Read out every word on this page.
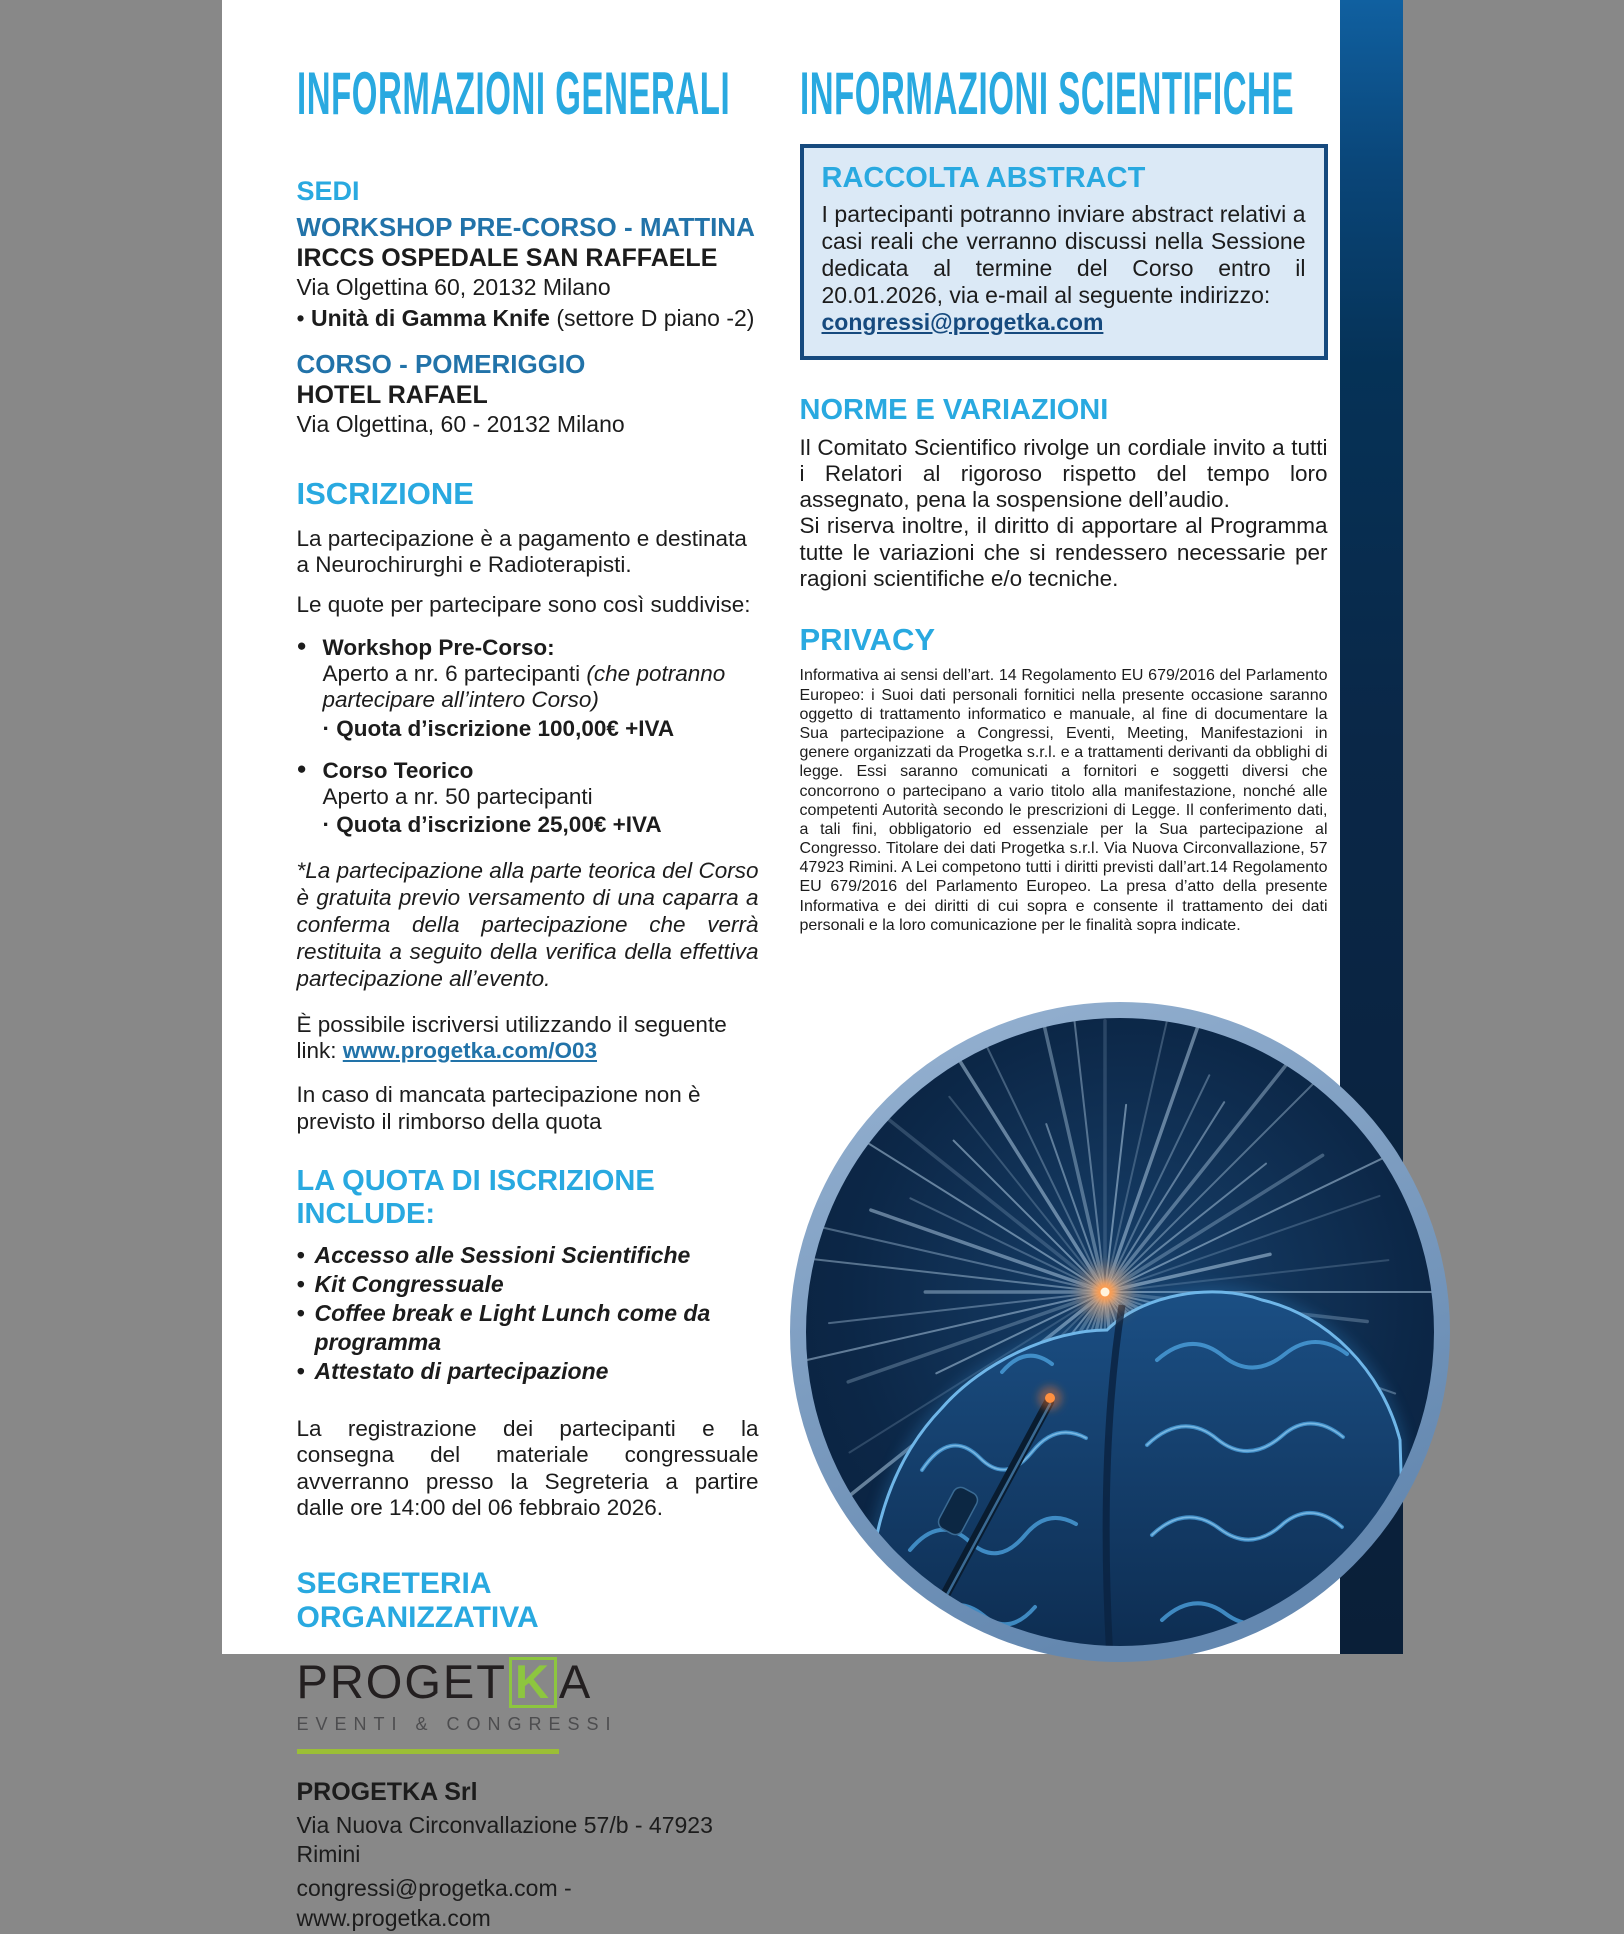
INFORMAZIONI GENERALI
SEDI

WORKSHOP PRE-CORSO - MATTINA

IRCCS OSPEDALE SAN RAFFAELE

Via Olgettina 60, 20132 Milano

• Unità di Gamma Knife (settore D piano -2)

CORSO - POMERIGGIO

HOTEL RAFAEL

Via Olgettina, 60 - 20132 Milano

ISCRIZIONE

La partecipazione è a pagamento e destinata a Neurochirurghi e Radioterapisti.

Le quote per partecipare sono così suddivise:

● Workshop Pre-Corso:
Aperto a nr. 6 partecipanti (che potranno partecipare all’intero Corso)
· Quota d’iscrizione 100,00€ +IVA
● Corso Teorico
Aperto a nr. 50 partecipanti
· Quota d’iscrizione 25,00€ +IVA

*La partecipazione alla parte teorica del Corso è gratuita previo versamento di una caparra a conferma della partecipazione che verrà restituita a seguito della verifica della effettiva partecipazione all’evento.

È possibile iscriversi utilizzando il seguente link: www.progetka.com/O03

In caso di mancata partecipazione non è previsto il rimborso della quota

LA QUOTA DI ISCRIZIONE INCLUDE:
• Accesso alle Sessioni Scientifiche
• Kit Congressuale
• Coffee break e Light Lunch come da programma
• Attestato di partecipazione

La registrazione dei partecipanti e la consegna del materiale congressuale avverranno presso la Segreteria a partire dalle ore 14:00 del 06 febbraio 2026.

SEGRETERIA
ORGANIZZATIVA
PROGET K A
EVENTI & CONGRESSI

PROGETKA Srl

Via Nuova Circonvallazione 57/b - 47923 Rimini

congressi@progetka.com - www.progetka.com

INFORMAZIONI SCIENTIFICHE
RACCOLTA ABSTRACT

I partecipanti potranno inviare abstract relativi a casi reali che verranno discussi nella Sessione dedicata al termine del Corso entro il 20.01.2026, via e-mail al seguente indirizzo:
congressi@progetka.com

NORME E VARIAZIONI

Il Comitato Scientifico rivolge un cordiale invito a tutti i Relatori al rigoroso rispetto del tempo loro assegnato, pena la sospensione dell’audio.

Si riserva inoltre, il diritto di apportare al Programma tutte le variazioni che si rendessero necessarie per ragioni scientifiche e/o tecniche.

PRIVACY

Informativa ai sensi dell’art. 14 Regolamento EU 679/2016 del Parlamento Europeo: i Suoi dati personali fornitici nella presente occasione saranno oggetto di trattamento informatico e manuale, al fine di documentare la Sua partecipazione a Congressi, Eventi, Meeting, Manifestazioni in genere organizzati da Progetka s.r.l. e a trattamenti derivanti da obblighi di legge. Essi saranno comunicati a fornitori e soggetti diversi che concorrono o partecipano a vario titolo alla manifestazione, nonché alle competenti Autorità secondo le prescrizioni di Legge. Il conferimento dati, a tali fini, obbligatorio ed essenziale per la Sua partecipazione al Congresso. Titolare dei dati Progetka s.r.l. Via Nuova Circonvallazione, 57 47923 Rimini. A Lei competono tutti i diritti previsti dall’art.14 Regolamento EU 679/2016 del Parlamento Europeo. La presa d’atto della presente Informativa e dei diritti di cui sopra e consente il trattamento dei dati personali e la loro comunicazione per le finalità sopra indicate.
